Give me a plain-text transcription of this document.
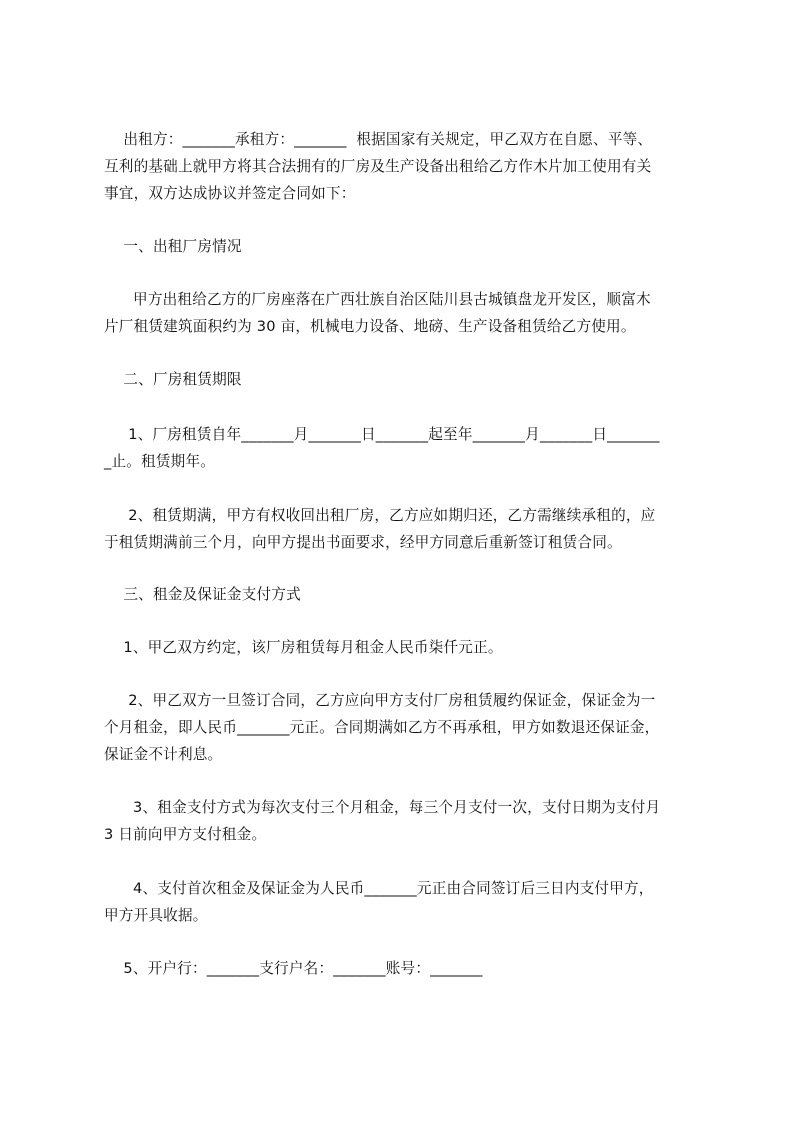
出租方：_______承租方：_______  根据国家有关规定，甲乙双方在自愿、平等、

互利的基础上就甲方将其合法拥有的厂房及生产设备出租给乙方作木片加工使用有关

事宜，双方达成协议并签定合同如下：

一、出租厂房情况

甲方出租给乙方的厂房座落在广西壮族自治区陆川县古城镇盘龙开发区，顺富木

片厂租赁建筑面积约为 30 亩，机械电力设备、地磅、生产设备租赁给乙方使用。

二、厂房租赁期限

1、厂房租赁自年_______月_______日_______起至年_______月_______日_______

_止。租赁期年。

2、租赁期满，甲方有权收回出租厂房，乙方应如期归还，乙方需继续承租的，应

于租赁期满前三个月，向甲方提出书面要求，经甲方同意后重新签订租赁合同。

三、租金及保证金支付方式

1、甲乙双方约定，该厂房租赁每月租金人民币柒仟元正。

2、甲乙双方一旦签订合同，乙方应向甲方支付厂房租赁履约保证金，保证金为一

个月租金，即人民币_______元正。合同期满如乙方不再承租，甲方如数退还保证金，

保证金不计利息。

3、租金支付方式为每次支付三个月租金，每三个月支付一次，支付日期为支付月

3 日前向甲方支付租金。

4、支付首次租金及保证金为人民币_______元正由合同签订后三日内支付甲方，

甲方开具收据。

5、开户行：_______支行户名：_______账号：_______
